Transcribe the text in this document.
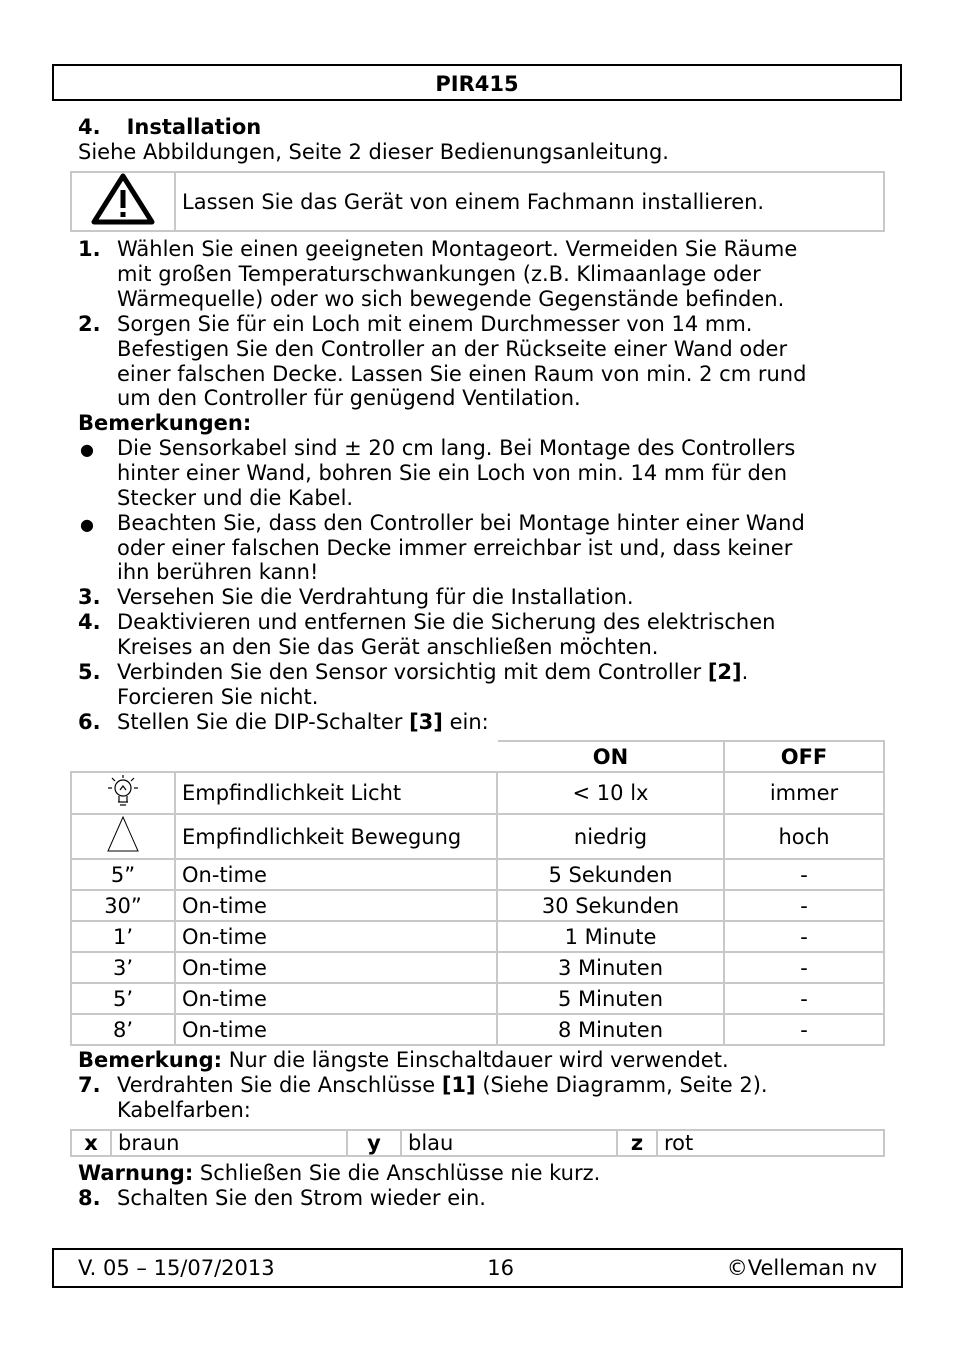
PIR415
4. Installation
Siehe Abbildungen, Seite 2 dieser Bedienungsanleitung.
	Lassen Sie das Gerät von einem Fachmann installieren.
1. Wählen Sie einen geeigneten Montageort. Vermeiden Sie Räume
mit großen Temperaturschwankungen (z.B. Klimaanlage oder
Wärmequelle) oder wo sich bewegende Gegenstände befinden.
2. Sorgen Sie für ein Loch mit einem Durchmesser von 14 mm.
Befestigen Sie den Controller an der Rückseite einer Wand oder
einer falschen Decke. Lassen Sie einen Raum von min. 2 cm rund
um den Controller für genügend Ventilation.
Bemerkungen:
● Die Sensorkabel sind ± 20 cm lang. Bei Montage des Controllers
hinter einer Wand, bohren Sie ein Loch von min. 14 mm für den
Stecker und die Kabel.
● Beachten Sie, dass den Controller bei Montage hinter einer Wand
oder einer falschen Decke immer erreichbar ist und, dass keiner
ihn berühren kann!
3. Versehen Sie die Verdrahtung für die Installation.
4. Deaktivieren und entfernen Sie die Sicherung des elektrischen
Kreises an den Sie das Gerät anschließen möchten.
5. Verbinden Sie den Sensor vorsichtig mit dem Controller [2].
Forcieren Sie nicht.
6. Stellen Sie die DIP-Schalter [3] ein:
		ON	OFF
	Empfindlichkeit Licht	< 10 lx	immer
	Empfindlichkeit Bewegung	niedrig	hoch
5”	On-time	5 Sekunden	-
30”	On-time	30 Sekunden	-
1’	On-time	1 Minute	-
3’	On-time	3 Minuten	-
5’	On-time	5 Minuten	-
8’	On-time	8 Minuten	-
Bemerkung: Nur die längste Einschaltdauer wird verwendet.
7. Verdrahten Sie die Anschlüsse [1] (Siehe Diagramm, Seite 2).
Kabelfarben:
x	braun	y	blau	z	rot
Warnung: Schließen Sie die Anschlüsse nie kurz.
8. Schalten Sie den Strom wieder ein.
V. 05 – 15/07/2013	16	©Velleman nv
